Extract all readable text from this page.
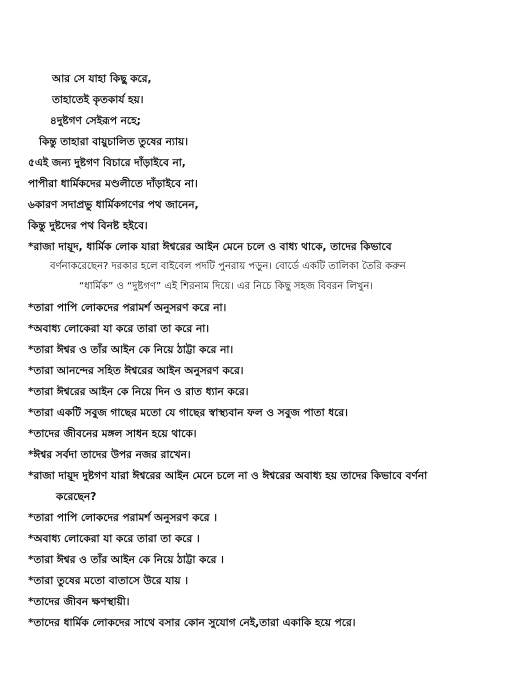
আর সে যাহা কিছু করে,
তাহাতেই কৃতকার্য হয়।
৪দুষ্টগণ সেইরূপ নহে;
কিন্তু তাহারা বায়ুচালিত তুষের ন্যায়।
৫এই জন্য দুষ্টগণ বিচারে দাঁড়াইবে না,
পাপীরা ধার্মিকদের মণ্ডলীতে দাঁড়াইবে না।
৬কারণ সদাপ্রভু ধার্মিকগণের পথ জানেন,
কিন্তু দুষ্টদের পথ বিনষ্ট হইবে।
*রাজা দায়ূদ, ধার্মিক লোক যারা ঈশ্বরের আইন মেনে চলে ও বাধ্য থাকে, তাদের কিভাবে
বর্ণনাকরেছেন? দরকার হলে বাইবেল পদটি পুনরায় পড়ুন। বোর্ডে একটি তালিকা তৈরি করুন
“ধার্মিক” ও “দুষ্টগণ” এই শিরনাম দিয়ে। এর নিচে কিছু সহজ বিবরন লিখুন।
*তারা পাপি লোকদের পরামর্শ অনুসরণ করে না।
*অবাধ্য লোকেরা যা করে তারা তা করে না।
*তারা ঈশ্বর ও তাঁর আইন কে নিয়ে ঠাট্টা করে না।
*তারা আনন্দের সহিত ঈশ্বরের আইন অনুসরণ করে।
*তারা ঈশ্বরের আইন কে নিয়ে দিন ও রাত ধ্যান করে।
*তারা একটি সবুজ গাছের মতো যে গাছের স্বাস্থ্যবান ফল ও সবুজ পাতা ধরে।
*তাদের জীবনের মঙ্গল সাধন হয়ে থাকে।
*ঈশ্বর সর্বদা তাদের উপর নজর রাখেন।
*রাজা দায়ূদ দুষ্টগণ যারা ঈশ্বরের আইন মেনে চলে না ও ঈশ্বরের অবাধ্য হয় তাদের কিভাবে বর্ণনা
করেছেন?
*তারা পাপি লোকদের পরামর্শ অনুসরণ করে ।
*অবাধ্য লোকেরা যা করে তারা তা করে ।
*তারা ঈশ্বর ও তাঁর আইন কে নিয়ে ঠাট্টা করে ।
*তারা তুষের মতো বাতাসে উরে যায় ।
*তাদের জীবন ক্ষণস্থায়ী।
*তাদের ধার্মিক লোকদের সাথে বসার কোন সুযোগ নেই,তারা একাকি হয়ে পরে।
